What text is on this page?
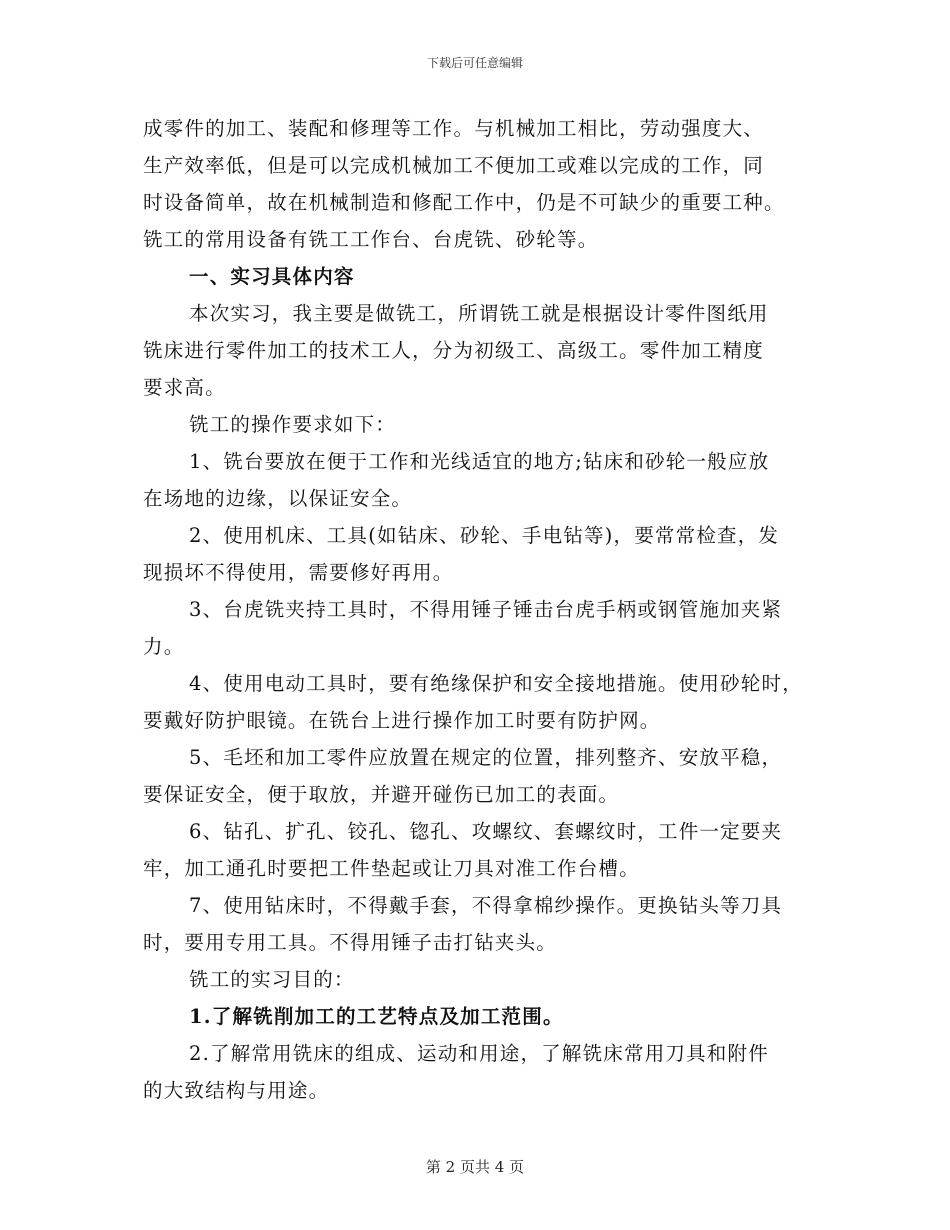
下载后可任意编辑
成零件的加工、装配和修理等工作。与机械加工相比，劳动强度大、
生产效率低，但是可以完成机械加工不便加工或难以完成的工作，同
时设备简单，故在机械制造和修配工作中，仍是不可缺少的重要工种。
铣工的常用设备有铣工工作台、台虎铣、砂轮等。
一、实习具体内容
本次实习，我主要是做铣工，所谓铣工就是根据设计零件图纸用
铣床进行零件加工的技术工人，分为初级工、高级工。零件加工精度
要求高。
铣工的操作要求如下：
1、铣台要放在便于工作和光线适宜的地方;钻床和砂轮一般应放
在场地的边缘，以保证安全。
2、使用机床、工具(如钻床、砂轮、手电钻等)，要常常检查，发
现损坏不得使用，需要修好再用。
3、台虎铣夹持工具时，不得用锤子锤击台虎手柄或钢管施加夹紧
力。
4、使用电动工具时，要有绝缘保护和安全接地措施。使用砂轮时，
要戴好防护眼镜。在铣台上进行操作加工时要有防护网。
5、毛坯和加工零件应放置在规定的位置，排列整齐、安放平稳，
要保证安全，便于取放，并避开碰伤已加工的表面。
6、钻孔、扩孔、铰孔、锪孔、攻螺纹、套螺纹时，工件一定要夹
牢，加工通孔时要把工件垫起或让刀具对准工作台槽。
7、使用钻床时，不得戴手套，不得拿棉纱操作。更换钻头等刀具
时，要用专用工具。不得用锤子击打钻夹头。
铣工的实习目的：
1.了解铣削加工的工艺特点及加工范围。
2.了解常用铣床的组成、运动和用途，了解铣床常用刀具和附件
的大致结构与用途。
第 2 页共 4 页
